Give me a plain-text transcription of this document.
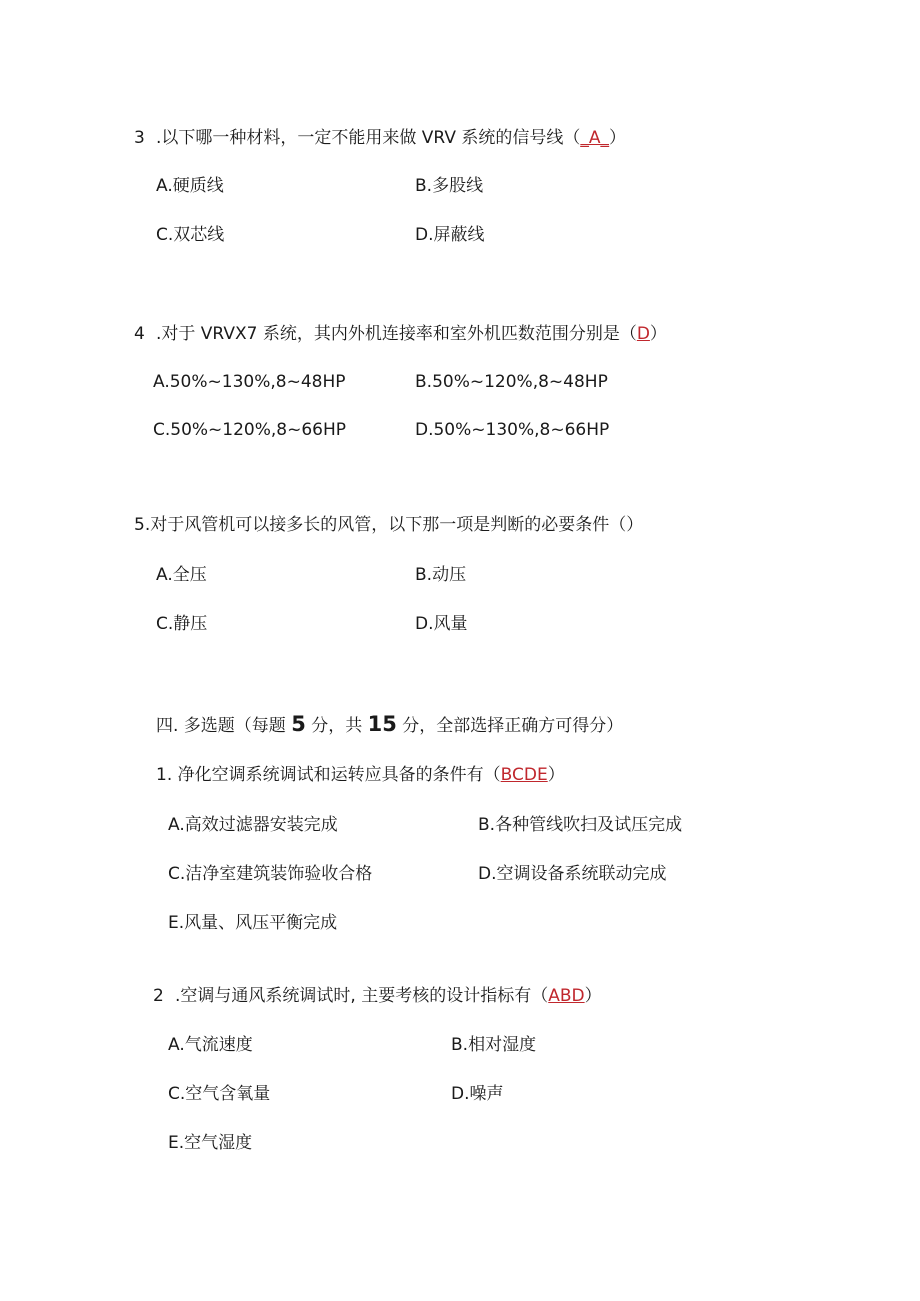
3 .以下哪一种材料，一定不能用来做 VRV 系统的信号线（_A_）
A.硬质线	B.多股线
C.双芯线	D.屏蔽线
4 .对于 VRVX7 系统，其内外机连接率和室外机匹数范围分别是（D）
A.50%~130%,8~48HP	B.50%~120%,8~48HP
C.50%~120%,8~66HP	D.50%~130%,8~66HP
5.对于风管机可以接多长的风管，以下那一项是判断的必要条件（）
A.全压	B.动压
C.静压	D.风量
四. 多选题（每题 5 分，共 15 分，全部选择正确方可得分）
1. 净化空调系统调试和运转应具备的条件有（BCDE）
A.高效过滤器安装完成	B.各种管线吹扫及试压完成
C.洁净室建筑装饰验收合格	D.空调设备系统联动完成
E.风量、风压平衡完成
2 .空调与通风系统调试时, 主要考核的设计指标有（ABD）
A.气流速度	B.相对湿度
C.空气含氧量	D.噪声
E.空气湿度
